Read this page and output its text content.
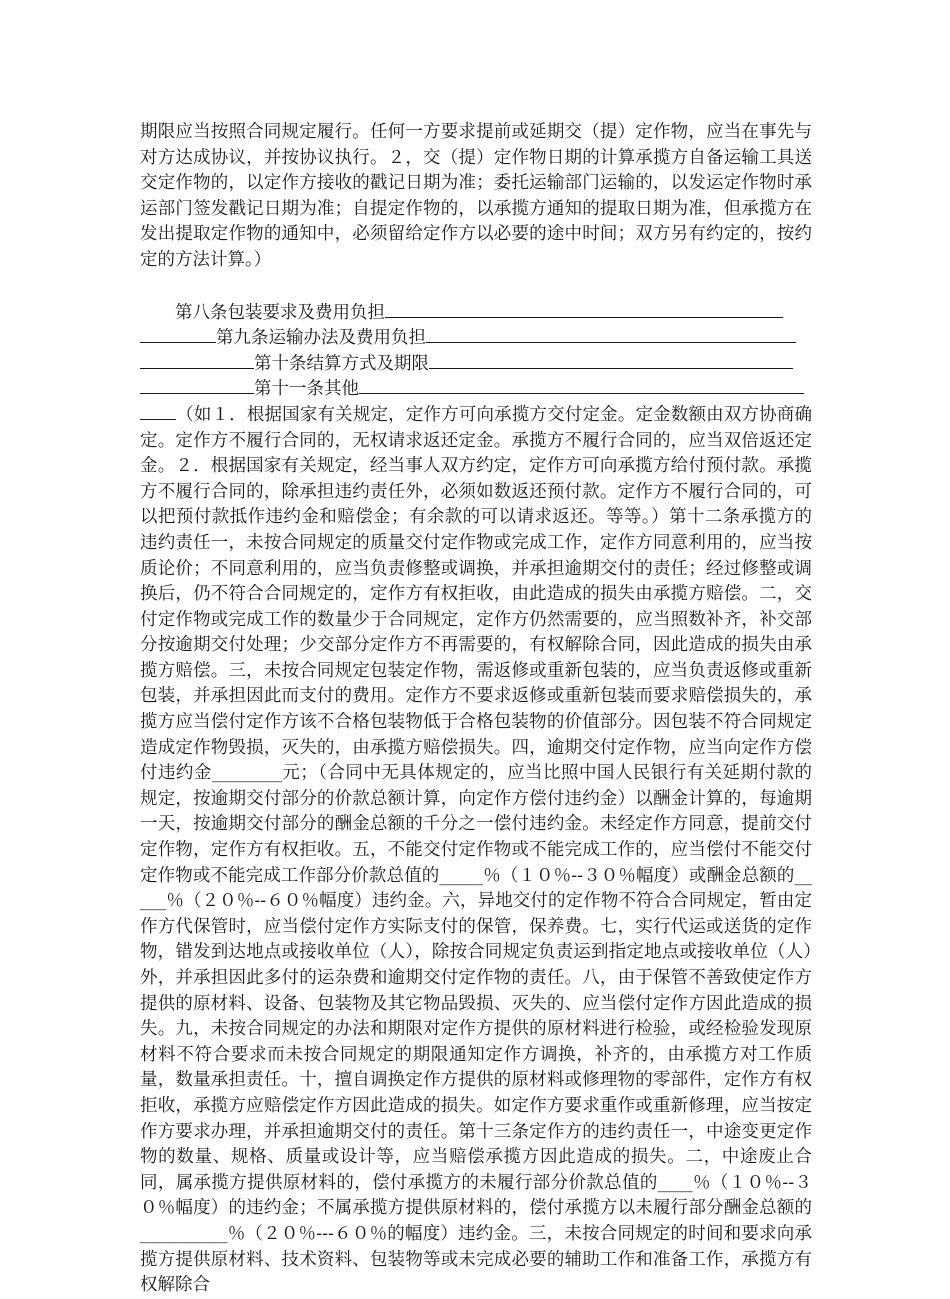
期限应当按照合同规定履行。任何一方要求提前或延期交（提）定作物，应当在事先与对方达成协议，并按协议执行。２，交（提）定作物日期的计算承揽方自备运输工具送交定作物的，以定作方接收的戳记日期为准；委托运输部门运输的，以发运定作物时承运部门签发戳记日期为准；自提定作物的，以承揽方通知的提取日期为准，但承揽方在发出提取定作物的通知中，必须留给定作方以必要的途中时间；双方另有约定的，按约定的方法计算。）

第八条包装要求及费用负担
第九条运输办法及费用负担
第十条结算方式及期限
第十一条其他

（如１．根据国家有关规定，定作方可向承揽方交付定金。定金数额由双方协商确定。定作方不履行合同的，无权请求返还定金。承揽方不履行合同的，应当双倍返还定金。２．根据国家有关规定，经当事人双方约定，定作方可向承揽方给付预付款。承揽方不履行合同的，除承担违约责任外，必须如数返还预付款。定作方不履行合同的，可以把预付款抵作违约金和赔偿金；有余款的可以请求返还。等等。）第十二条承揽方的违约责任一，未按合同规定的质量交付定作物或完成工作，定作方同意利用的，应当按质论价；不同意利用的，应当负责修整或调换，并承担逾期交付的责任；经过修整或调换后，仍不符合合同规定的，定作方有权拒收，由此造成的损失由承揽方赔偿。二，交付定作物或完成工作的数量少于合同规定，定作方仍然需要的，应当照数补齐，补交部分按逾期交付处理；少交部分定作方不再需要的，有权解除合同，因此造成的损失由承揽方赔偿。三，未按合同规定包装定作物，需返修或重新包装的，应当负责返修或重新包装，并承担因此而支付的费用。定作方不要求返修或重新包装而要求赔偿损失的，承揽方应当偿付定作方该不合格包装物低于合格包装物的价值部分。因包装不符合同规定造成定作物毁损，灭失的，由承揽方赔偿损失。四，逾期交付定作物，应当向定作方偿付违约金________元；（合同中无具体规定的，应当比照中国人民银行有关延期付款的规定，按逾期交付部分的价款总额计算，向定作方偿付违约金）以酬金计算的，每逾期一天，按逾期交付部分的酬金总额的千分之一偿付违约金。未经定作方同意，提前交付定作物，定作方有权拒收。五，不能交付定作物或不能完成工作的，应当偿付不能交付定作物或不能完成工作部分价款总值的_____％（１０％--３０％幅度）或酬金总额的_____％（２０％--６０％幅度）违约金。六，异地交付的定作物不符合合同规定，暂由定作方代保管时，应当偿付定作方实际支付的保管，保养费。七，实行代运或送货的定作物，错发到达地点或接收单位（人），除按合同规定负责运到指定地点或接收单位（人）外，并承担因此多付的运杂费和逾期交付定作物的责任。八，由于保管不善致使定作方提供的原材料、设备、包装物及其它物品毁损、灭失的、应当偿付定作方因此造成的损失。九，未按合同规定的办法和期限对定作方提供的原材料进行检验，或经检验发现原材料不符合要求而未按合同规定的期限通知定作方调换，补齐的，由承揽方对工作质量，数量承担责任。十，擅自调换定作方提供的原材料或修理物的零部件，定作方有权拒收，承揽方应赔偿定作方因此造成的损失。如定作方要求重作或重新修理，应当按定作方要求办理，并承担逾期交付的责任。第十三条定作方的违约责任一，中途变更定作物的数量、规格、质量或设计等，应当赔偿承揽方因此造成的损失。二，中途废止合同，属承揽方提供原材料的，偿付承揽方的未履行部分价款总值的____％（１０％--３０％幅度）的违约金；不属承揽方提供原材料的，偿付承揽方以未履行部分酬金总额的__________％（２０％---６０％的幅度）违约金。三，未按合同规定的时间和要求向承揽方提供原材料、技术资料、包装物等或未完成必要的辅助工作和准备工作，承揽方有权解除合
